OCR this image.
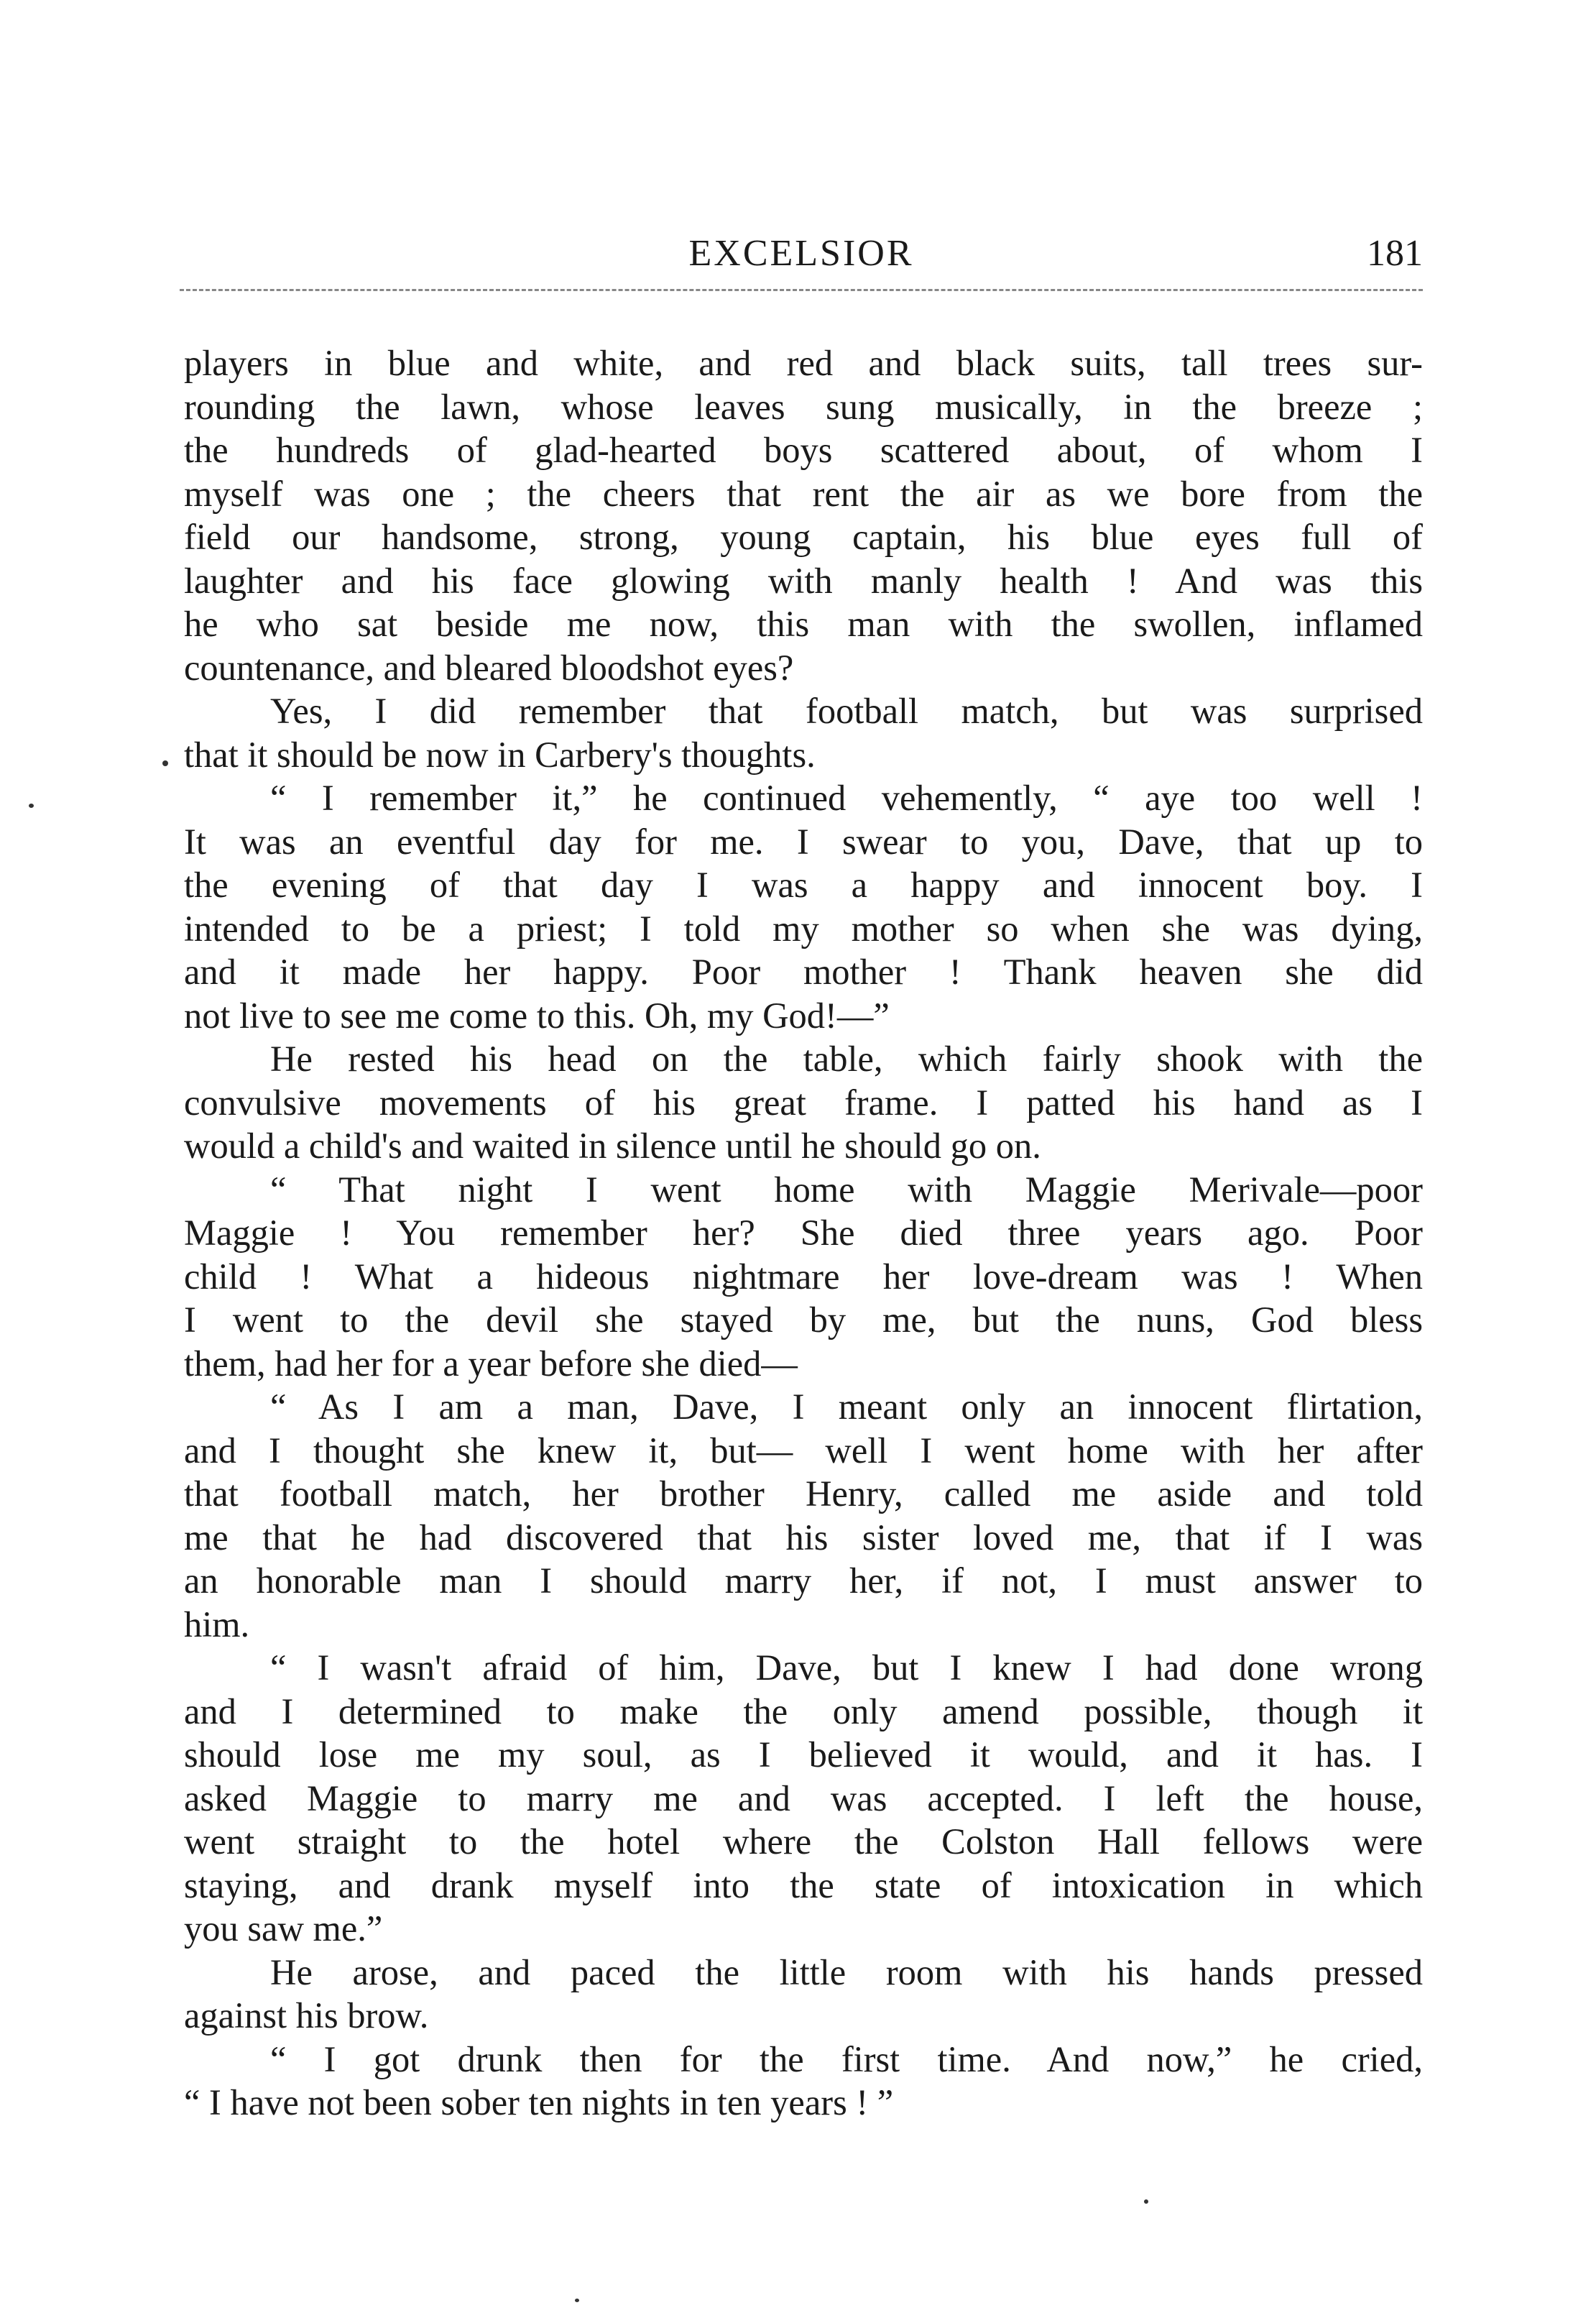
EXCELSIOR	181
players in blue and white, and red and black suits, tall trees sur-
rounding the lawn, whose leaves sung musically, in the breeze ;
the hundreds of glad-hearted boys scattered about, of whom I
myself was one ; the cheers that rent the air as we bore from the
field our handsome, strong, young captain, his blue eyes full of
laughter and his face glowing with manly health ! And was this
he who sat beside me now, this man with the swollen, inflamed
countenance, and bleared bloodshot eyes?
Yes, I did remember that football match, but was surprised
that it should be now in Carbery's thoughts.
“ I remember it,” he continued vehemently, “ aye too well !
It was an eventful day for me. I swear to you, Dave, that up to
the evening of that day I was a happy and innocent boy. I
intended to be a priest; I told my mother so when she was dying,
and it made her happy. Poor mother ! Thank heaven she did
not live to see me come to this. Oh, my God!—”
He rested his head on the table, which fairly shook with the
convulsive movements of his great frame. I patted his hand as I
would a child's and waited in silence until he should go on.
“ That night I went home with Maggie Merivale—poor
Maggie ! You remember her? She died three years ago. Poor
child ! What a hideous nightmare her love-dream was ! When
I went to the devil she stayed by me, but the nuns, God bless
them, had her for a year before she died—
“ As I am a man, Dave, I meant only an innocent flirtation,
and I thought she knew it, but— well I went home with her after
that football match, her brother Henry, called me aside and told
me that he had discovered that his sister loved me, that if I was
an honorable man I should marry her, if not, I must answer to
him.
“ I wasn't afraid of him, Dave, but I knew I had done wrong
and I determined to make the only amend possible, though it
should lose me my soul, as I believed it would, and it has. I
asked Maggie to marry me and was accepted. I left the house,
went straight to the hotel where the Colston Hall fellows were
staying, and drank myself into the state of intoxication in which
you saw me.”
He arose, and paced the little room with his hands pressed
against his brow.
“ I got drunk then for the first time. And now,” he cried,
“ I have not been sober ten nights in ten years ! ”
